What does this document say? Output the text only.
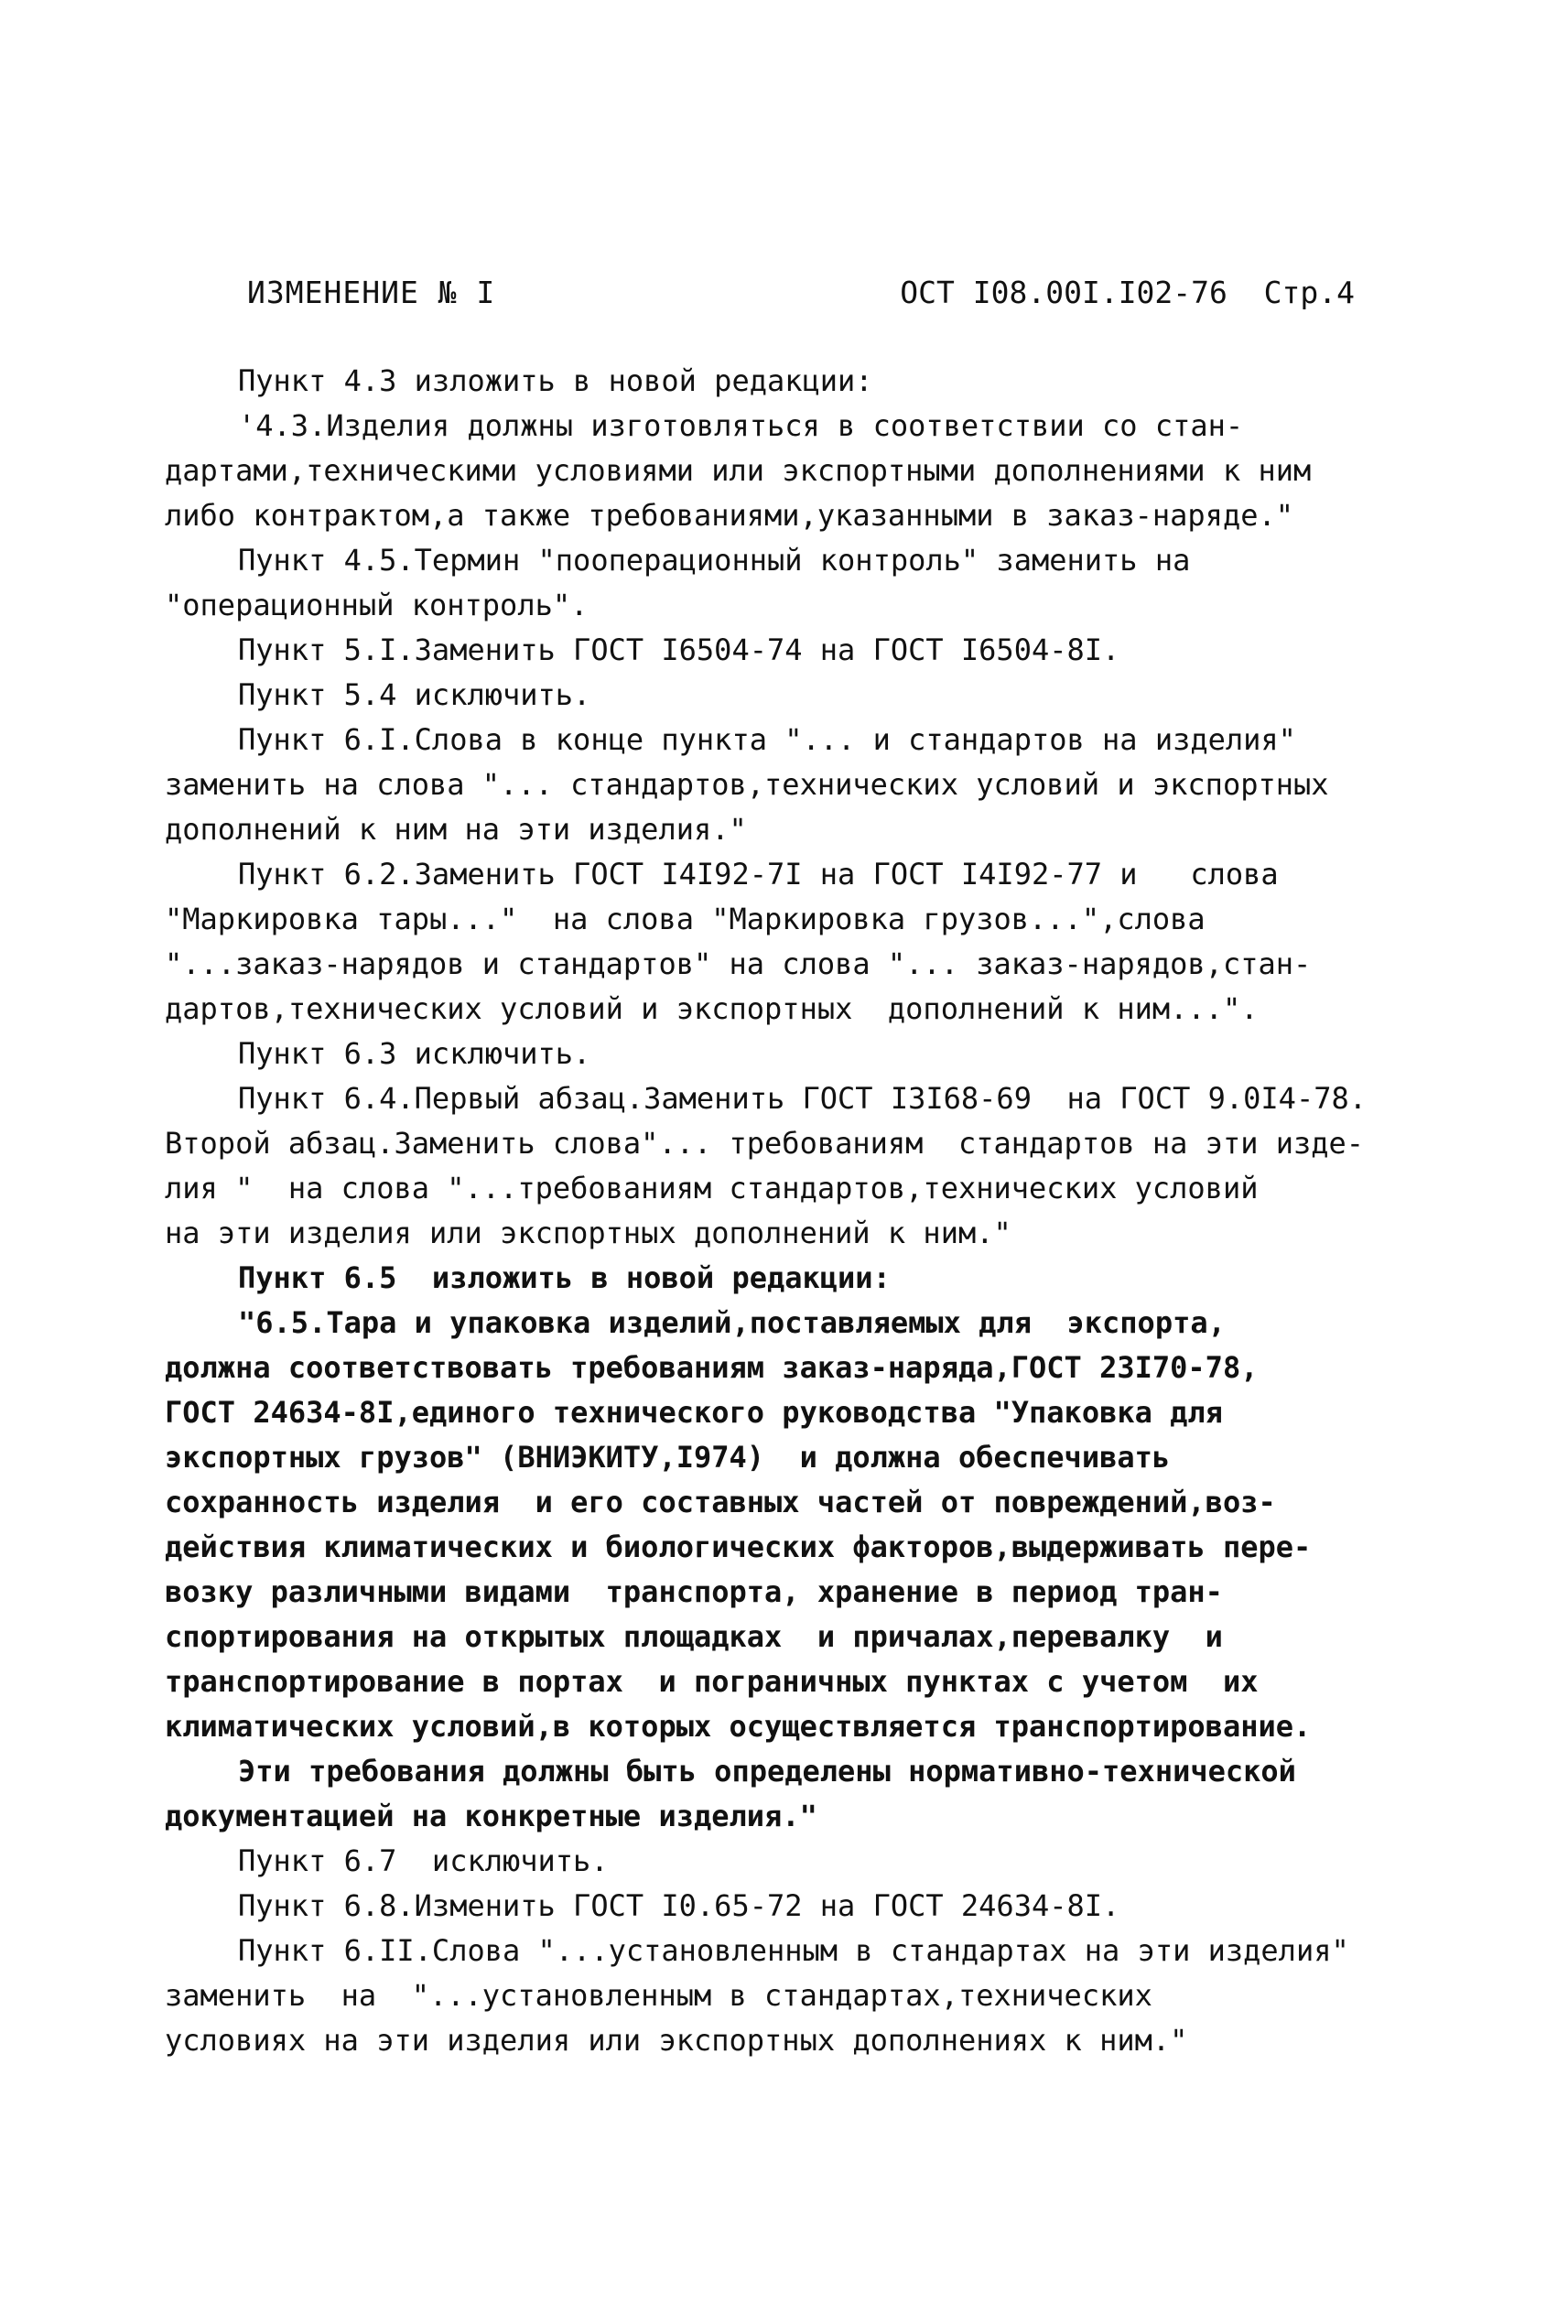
ИЗМЕНЕНИЕ № I	ОСТ I08.00I.I02-76 Стр.4
Пункт 4.3 изложить в новой редакции:
'4.3.Изделия должны изготовляться в соответствии со стан-
дартами,техническими условиями или экспортными дополнениями к ним
либо контрактом,а также требованиями,указанными в заказ-наряде."
Пункт 4.5.Термин "пооперационный контроль" заменить на
"операционный контроль".
Пункт 5.I.Заменить ГОСТ I6504-74 на ГОСТ I6504-8I.
Пункт 5.4 исключить.
Пункт 6.I.Слова в конце пункта "... и стандартов на изделия"
заменить на слова "... стандартов,технических условий и экспортных
дополнений к ним на эти изделия."
Пункт 6.2.Заменить ГОСТ I4I92-7I на ГОСТ I4I92-77 и   слова
"Маркировка тары..."  на слова "Маркировка грузов...",слова
"...заказ-нарядов и стандартов" на слова "... заказ-нарядов,стан-
дартов,технических условий и экспортных  дополнений к ним...".
Пункт 6.3 исключить.
Пункт 6.4.Первый абзац.Заменить ГОСТ I3I68-69  на ГОСТ 9.0I4-78.
Второй абзац.Заменить слова"... требованиям  стандартов на эти изде-
лия "  на слова "...требованиям стандартов,технических условий
на эти изделия или экспортных дополнений к ним."
Пункт 6.5  изложить в новой редакции:
"6.5.Тара и упаковка изделий,поставляемых для  экспорта,
должна соответствовать требованиям заказ-наряда,ГОСТ 23I70-78,
ГОСТ 24634-8I,единого технического руководства "Упаковка для
экспортных грузов" (ВНИЭКИТУ,I974)  и должна обеспечивать
сохранность изделия  и его составных частей от повреждений,воз-
действия климатических и биологических факторов,выдерживать пере-
возку различными видами  транспорта, хранение в период тран-
спортирования на открытых площадках  и причалах,перевалку  и
транспортирование в портах  и пограничных пунктах с учетом  их
климатических условий,в которых осуществляется транспортирование.
Эти требования должны быть определены нормативно-технической
документацией на конкретные изделия."
Пункт 6.7  исключить.
Пункт 6.8.Изменить ГОСТ I0.65-72 на ГОСТ 24634-8I.
Пункт 6.II.Слова "...установленным в стандартах на эти изделия"
заменить  на  "...установленным в стандартах,технических
условиях на эти изделия или экспортных дополнениях к ним."
